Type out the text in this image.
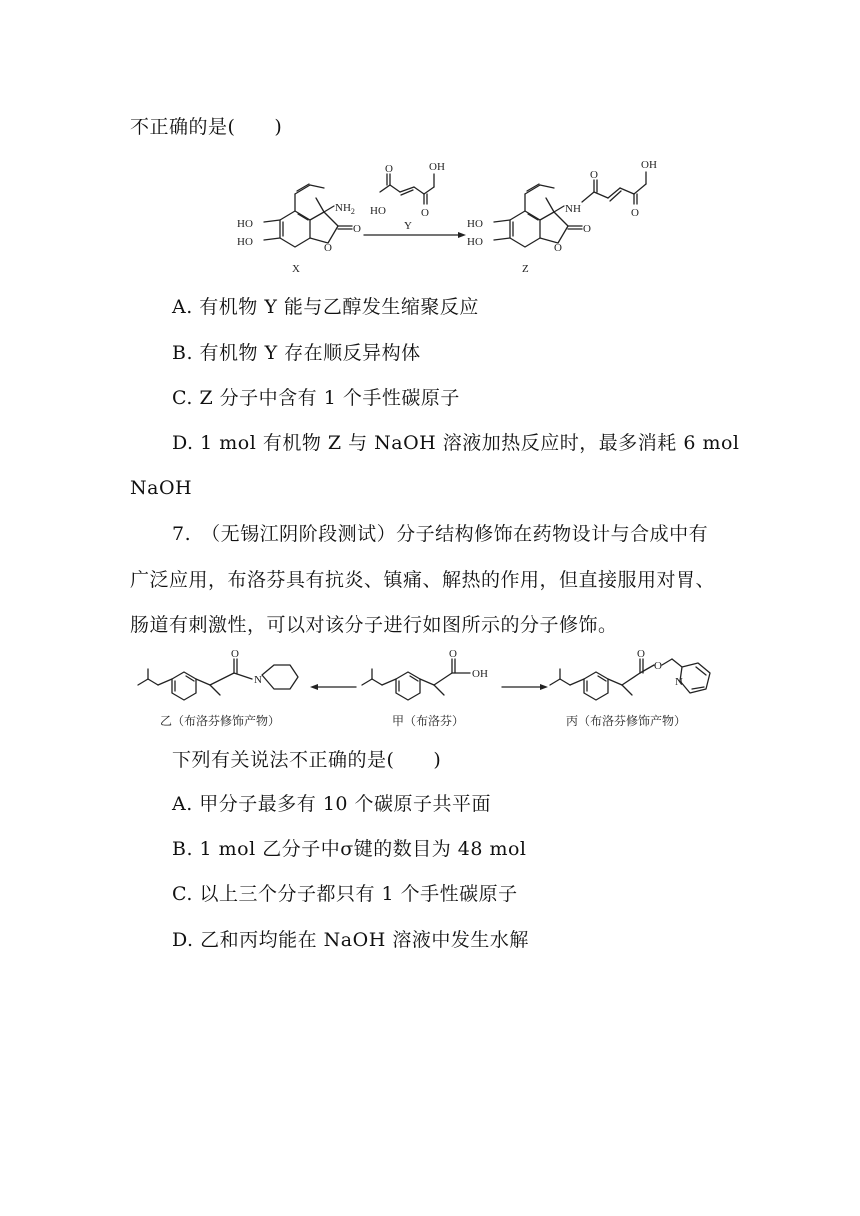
不正确的是(　　)
HO
HO	O
O
$NH_2$
X
O	OH
O
HO
Y	HO
HO	O
O
NH
O
OH
O
Z
A. 有机物 Y 能与乙醇发生缩聚反应
B. 有机物 Y 存在顺反异构体
C. Z 分子中含有 1 个手性碳原子
D. 1 mol 有机物 Z 与 NaOH 溶液加热反应时，最多消耗 6 mol
NaOH
7.　（无锡江阴阶段测试）分子结构修饰在药物设计与合成中有
广泛应用，布洛芬具有抗炎、镇痛、解热的作用，但直接服用对胃、
肠道有刺激性，可以对该分子进行如图所示的分子修饰。
O
N
乙（布洛芬修饰产物）
O
OH
甲（布洛芬）
O
O
N
丙（布洛芬修饰产物）
下列有关说法不正确的是(　　)
A. 甲分子最多有 10 个碳原子共平面
B. 1 mol 乙分子中σ键的数目为 48 mol
C. 以上三个分子都只有 1 个手性碳原子
D. 乙和丙均能在 NaOH 溶液中发生水解
